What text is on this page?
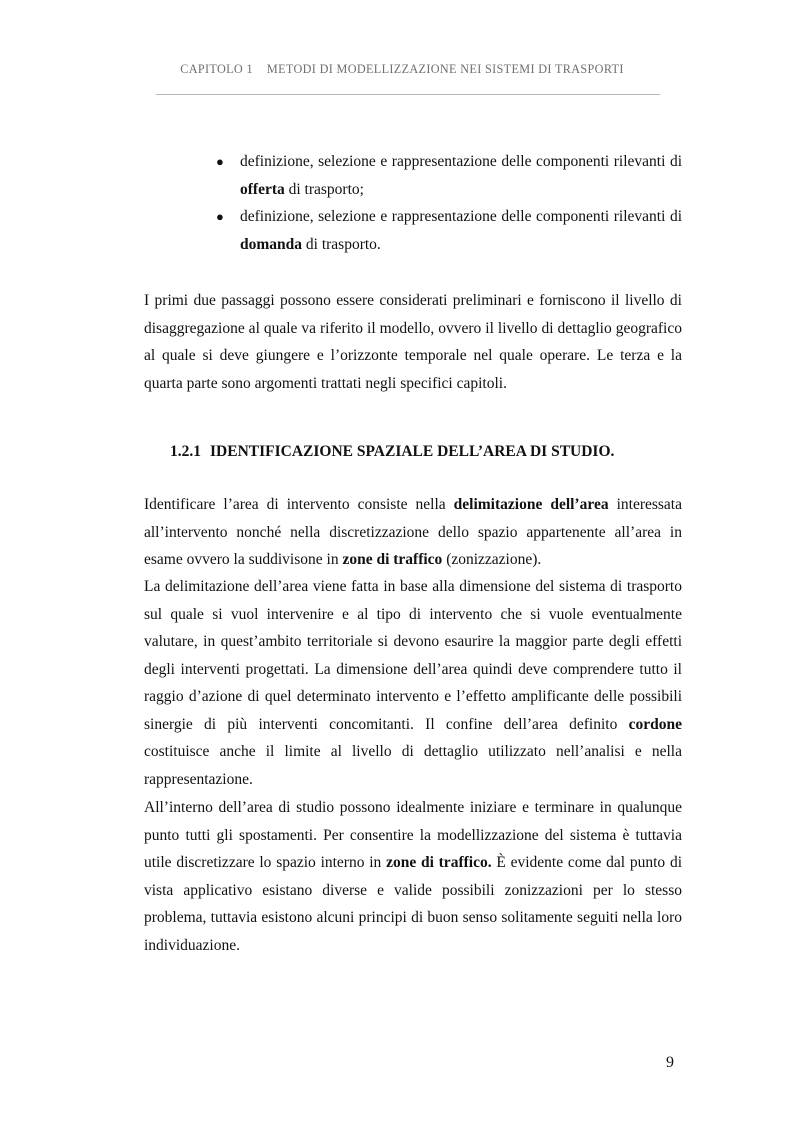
CAPITOLO 1 METODI DI MODELLIZZAZIONE NEI SISTEMI DI TRASPORTI
● definizione, selezione e rappresentazione delle componenti rilevanti di offerta di trasporto;
● definizione, selezione e rappresentazione delle componenti rilevanti di domanda di trasporto.

I primi due passaggi possono essere considerati preliminari e forniscono il livello di disaggregazione al quale va riferito il modello, ovvero il livello di dettaglio geografico al quale si deve giungere e l’orizzonte temporale nel quale operare. Le terza e la quarta parte sono argomenti trattati negli specifici capitoli.

1.2.1 IDENTIFICAZIONE SPAZIALE DELL’AREA DI STUDIO.

Identificare l’area di intervento consiste nella delimitazione dell’area interessata all’intervento nonché nella discretizzazione dello spazio appartenente all’area in esame ovvero la suddivisone in zone di traffico (zonizzazione).

La delimitazione dell’area viene fatta in base alla dimensione del sistema di trasporto sul quale si vuol intervenire e al tipo di intervento che si vuole eventualmente valutare, in quest’ambito territoriale si devono esaurire la maggior parte degli effetti degli interventi progettati. La dimensione dell’area quindi deve comprendere tutto il raggio d’azione di quel determinato intervento e l’effetto amplificante delle possibili sinergie di più interventi concomitanti. Il confine dell’area definito cordone costituisce anche il limite al livello di dettaglio utilizzato nell’analisi e nella rappresentazione.

All’interno dell’area di studio possono idealmente iniziare e terminare in qualunque punto tutti gli spostamenti. Per consentire la modellizzazione del sistema è tuttavia utile discretizzare lo spazio interno in zone di traffico. È evidente come dal punto di vista applicativo esistano diverse e valide possibili zonizzazioni per lo stesso problema, tuttavia esistono alcuni principi di buon senso solitamente seguiti nella loro individuazione.

9
